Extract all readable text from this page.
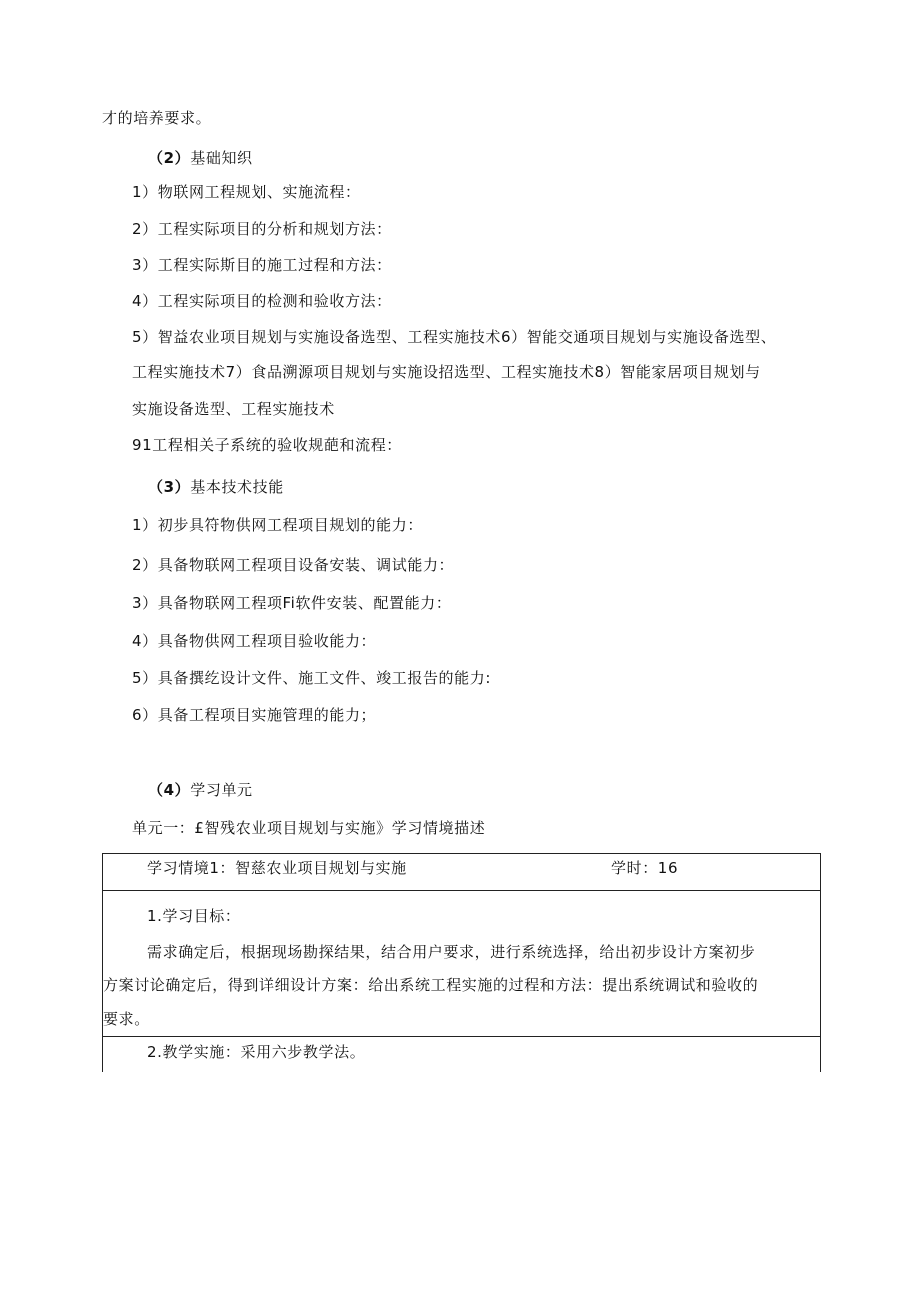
才的培养要求。
（2）基础知织
1）物联网工程规划、实施流程：
2）工程实际项目的分析和规划方法：
3）工程实际斯目的施工过程和方法：
4）工程实际项目的检测和验收方法：
5）智益农业项目规划与实施设备选型、工程实施技术6）智能交通项目规划与实施设备选型、
工程实施技术7）食品溯源项目规划与实施设招选型、工程实施技术8）智能家居项目规划与
实施设备选型、工程实施技术
91工程相关子系统的验收规葩和流程：
（3）基本技术技能
1）初步具符物供网工程项目规划的能力：
2）具备物联网工程项目设备安装、调试能力：
3）具备物联网工程项Fi软件安装、配置能力：
4）具备物供网工程项目验收能力：
5）具备撰纥设计文件、施工文件、竣工报告的能力:
6）具备工程项目实施管理的能力；
（4）学习单元
单元一：£智残农业项目规划与实施》学习情境描述
学习情境1：智慈农业项目规划与实施	学时：16
1.学习目标：
需求确定后，根据现场勘探结果，结合用户要求，进行系统选择，给出初步设计方案初步
方案讨论确定后，得到详细设计方案：给出系统工程实施的过程和方法：提出系统调试和验收的
要求。
2.教学实施：采用六步教学法。
